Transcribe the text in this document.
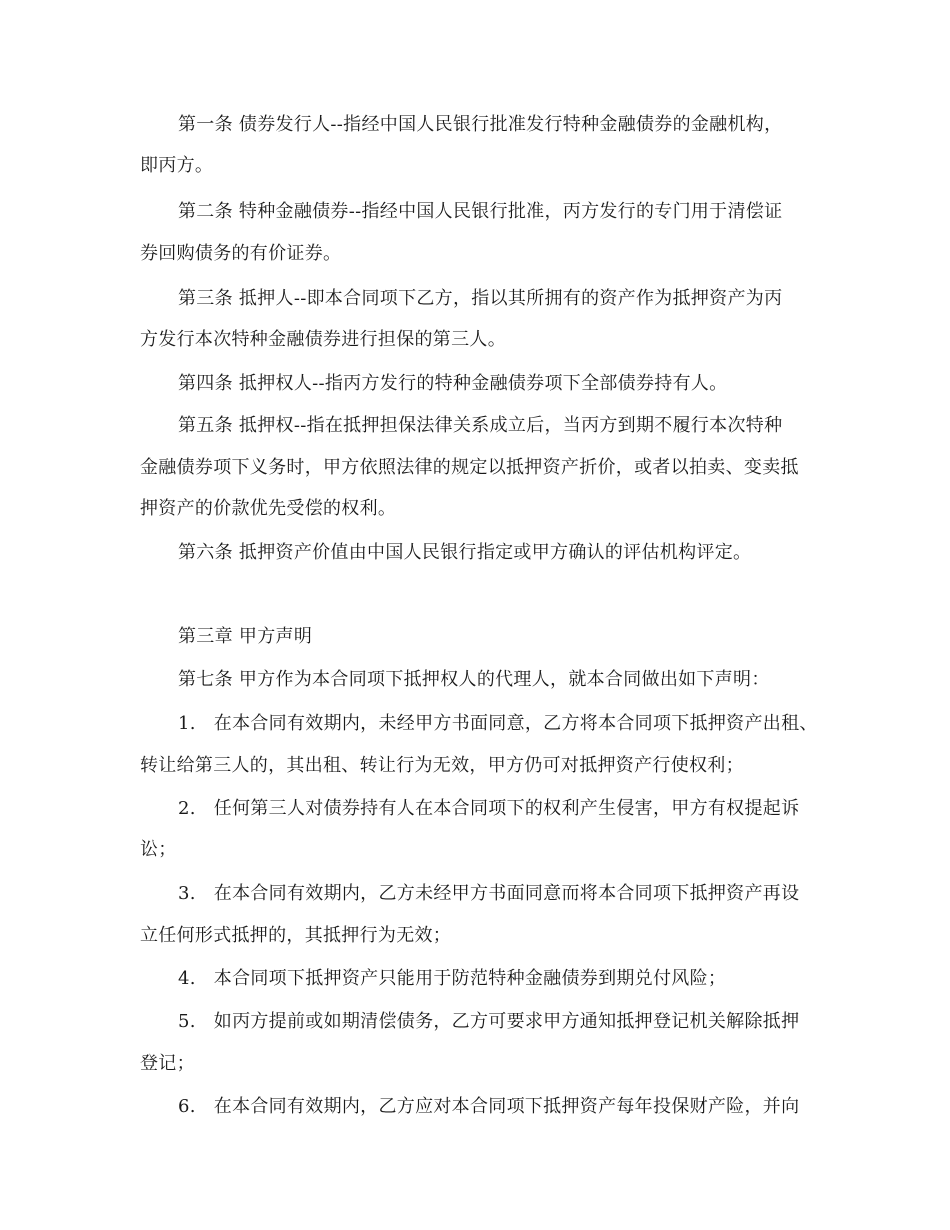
第一条 债券发行人--指经中国人民银行批准发行特种金融债券的金融机构，
即丙方。
第二条 特种金融债券--指经中国人民银行批准，丙方发行的专门用于清偿证
券回购债务的有价证券。
第三条 抵押人--即本合同项下乙方，指以其所拥有的资产作为抵押资产为丙
方发行本次特种金融债券进行担保的第三人。
第四条 抵押权人--指丙方发行的特种金融债券项下全部债券持有人。
第五条 抵押权--指在抵押担保法律关系成立后，当丙方到期不履行本次特种
金融债券项下义务时，甲方依照法律的规定以抵押资产折价，或者以拍卖、变卖抵
押资产的价款优先受偿的权利。
第六条 抵押资产价值由中国人民银行指定或甲方确认的评估机构评定。
第三章 甲方声明
第七条 甲方作为本合同项下抵押权人的代理人，就本合同做出如下声明：
1. 在本合同有效期内，未经甲方书面同意，乙方将本合同项下抵押资产出租、
转让给第三人的，其出租、转让行为无效，甲方仍可对抵押资产行使权利；
2. 任何第三人对债券持有人在本合同项下的权利产生侵害，甲方有权提起诉
讼；
3. 在本合同有效期内，乙方未经甲方书面同意而将本合同项下抵押资产再设
立任何形式抵押的，其抵押行为无效；
4. 本合同项下抵押资产只能用于防范特种金融债券到期兑付风险；
5. 如丙方提前或如期清偿债务，乙方可要求甲方通知抵押登记机关解除抵押
登记；
6. 在本合同有效期内，乙方应对本合同项下抵押资产每年投保财产险，并向
